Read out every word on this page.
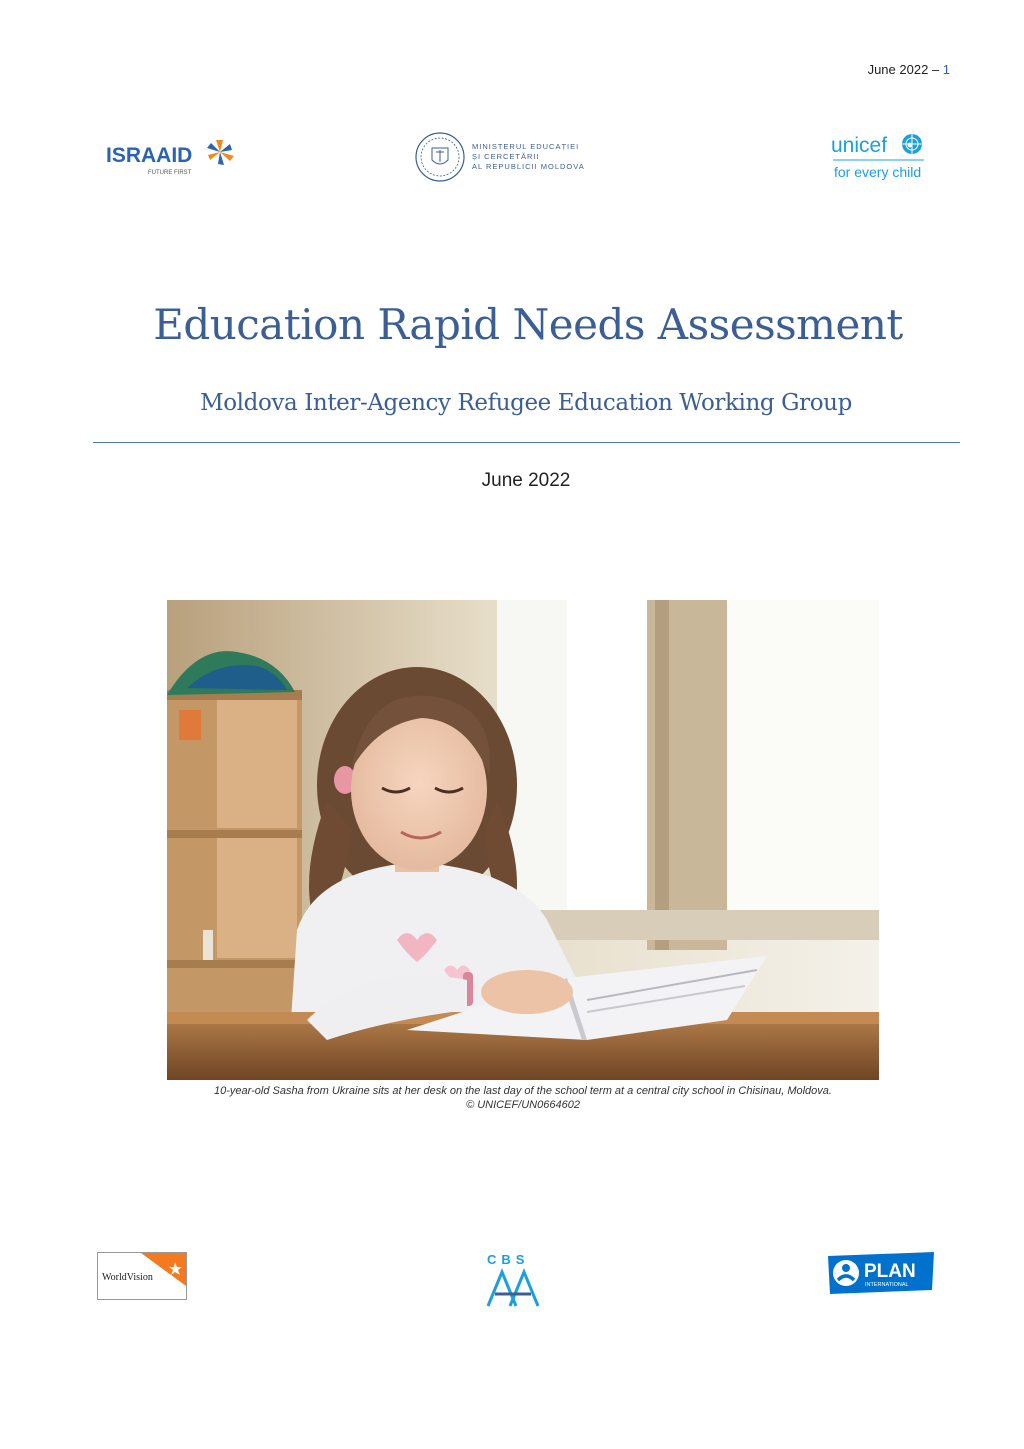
June 2022 – 1
ISRAAID
FUTURE FIRST
MINISTERUL EDUCAȚIEI
ȘI CERCETĂRII
AL REPUBLICII MOLDOVA
unicef
for every child
Education Rapid Needs Assessment
Moldova Inter-Agency Refugee Education Working Group
June 2022
10-year-old Sasha from Ukraine sits at her desk on the last day of the school term at a central city school in Chisinau, Moldova.
© UNICEF/UN0664602
WorldVision
CBS
PLAN
INTERNATIONAL
